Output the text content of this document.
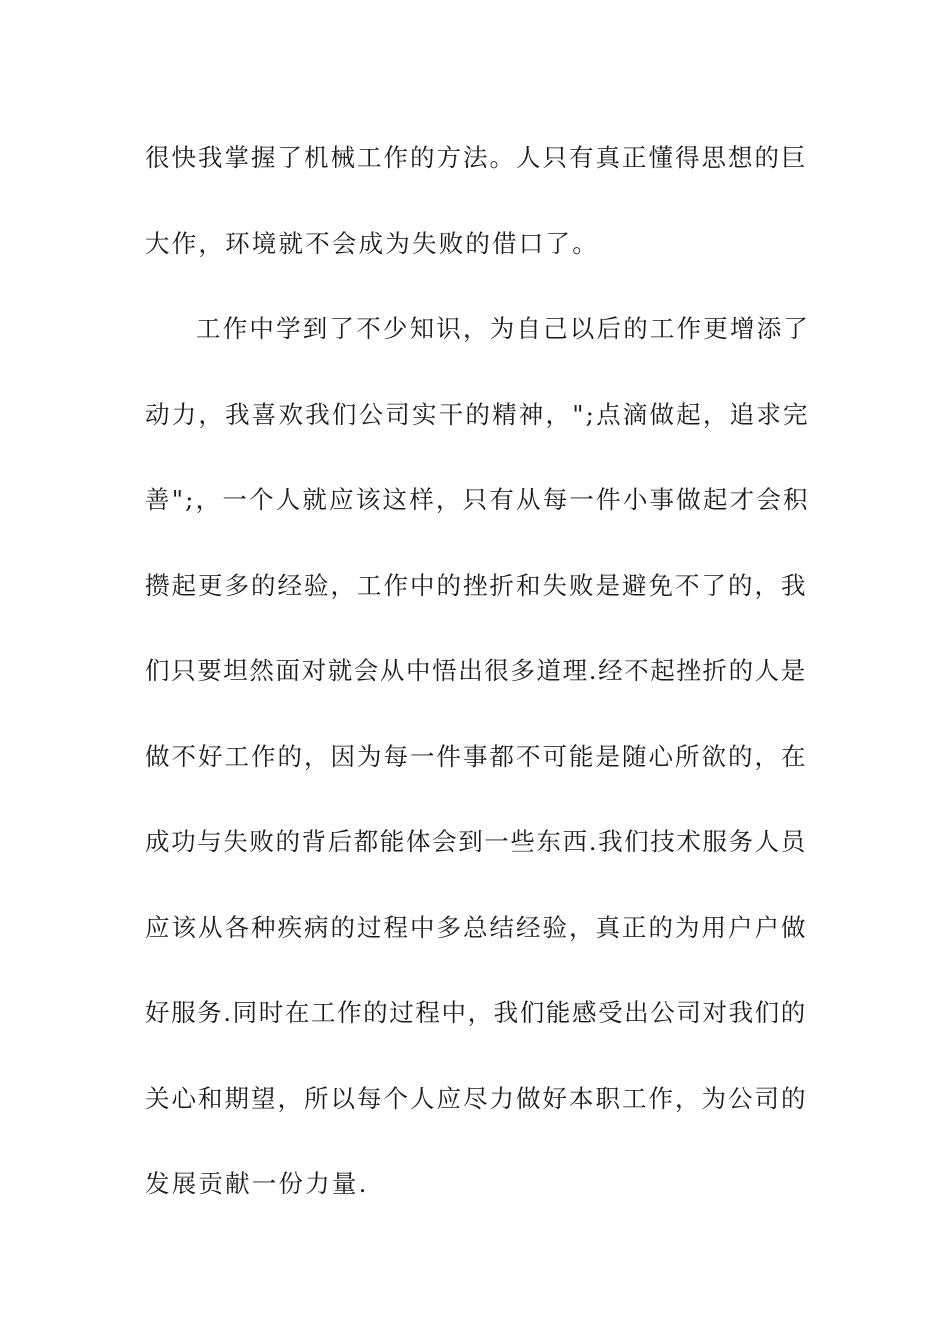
很快我掌握了机械工作的方法。人只有真正懂得思想的巨
大作，环境就不会成为失败的借口了。
工作中学到了不少知识，为自己以后的工作更增添了
动力，我喜欢我们公司实干的精神，";点滴做起，追求完
善";，一个人就应该这样，只有从每一件小事做起才会积
攒起更多的经验，工作中的挫折和失败是避免不了的，我
们只要坦然面对就会从中悟出很多道理.经不起挫折的人是
做不好工作的，因为每一件事都不可能是随心所欲的，在
成功与失败的背后都能体会到一些东西.我们技术服务人员
应该从各种疾病的过程中多总结经验，真正的为用户户做
好服务.同时在工作的过程中，我们能感受出公司对我们的
关心和期望，所以每个人应尽力做好本职工作，为公司的
发展贡献一份力量.
